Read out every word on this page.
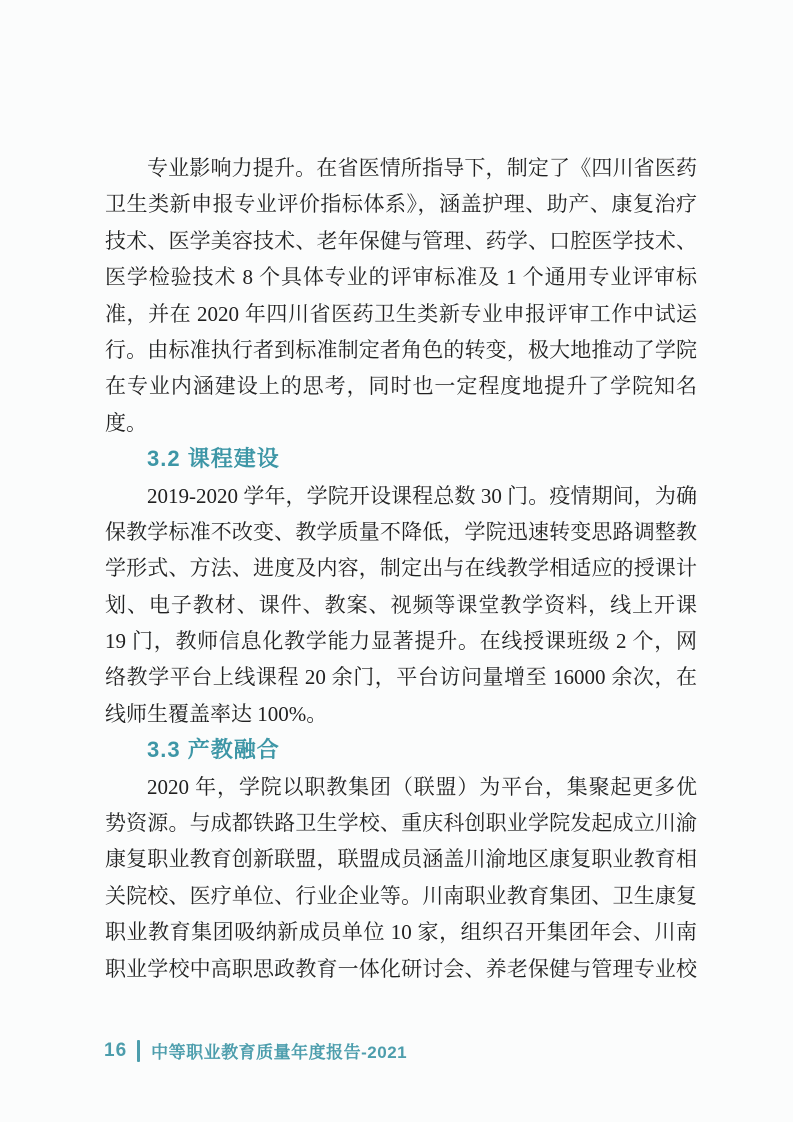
专业影响力提升。在省医情所指导下，制定了《四川省医药
卫生类新申报专业评价指标体系》，涵盖护理、助产、康复治疗
技术、医学美容技术、老年保健与管理、药学、口腔医学技术、
医学检验技术 8 个具体专业的评审标准及 1 个通用专业评审标
准，并在 2020 年四川省医药卫生类新专业申报评审工作中试运
行。由标准执行者到标准制定者角色的转变，极大地推动了学院
在专业内涵建设上的思考，同时也一定程度地提升了学院知名
度。
3.2 课程建设
2019-2020 学年，学院开设课程总数 30 门。疫情期间，为确
保教学标准不改变、教学质量不降低，学院迅速转变思路调整教
学形式、方法、进度及内容，制定出与在线教学相适应的授课计
划、电子教材、课件、教案、视频等课堂教学资料，线上开课
19 门，教师信息化教学能力显著提升。在线授课班级 2 个，网
络教学平台上线课程 20 余门，平台访问量增至 16000 余次，在
线师生覆盖率达 100%。
3.3 产教融合
2020 年，学院以职教集团（联盟）为平台，集聚起更多优
势资源。与成都铁路卫生学校、重庆科创职业学院发起成立川渝
康复职业教育创新联盟，联盟成员涵盖川渝地区康复职业教育相
关院校、医疗单位、行业企业等。川南职业教育集团、卫生康复
职业教育集团吸纳新成员单位 10 家，组织召开集团年会、川南
职业学校中高职思政教育一体化研讨会、养老保健与管理专业校
16 中等职业教育质量年度报告-2021
